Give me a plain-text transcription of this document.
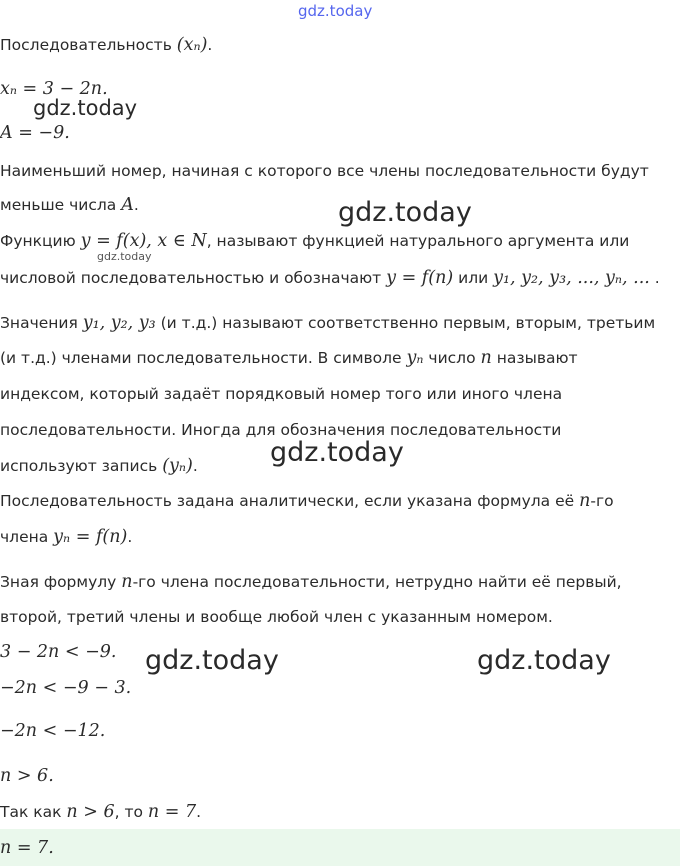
gdz.today
gdz.today
gdz.today
gdz.today
gdz.today
gdz.today	gdz.today
Последовательность (xₙ).
xₙ = 3 − 2n.
A = −9.
Наименьший номер, начиная с которого все члены последовательности будут
меньше числа A.
Функцию y = f(x), x ∈ N, называют функцией натурального аргумента или
числовой последовательностью и обозначают y = f(n) или y₁, y₂, y₃, ..., yₙ, ... .
Значения y₁, y₂, y₃ (и т.д.) называют соответственно первым, вторым, третьим
(и т.д.) членами последовательности. В символе yₙ число n называют
индексом, который задаёт порядковый номер того или иного члена
последовательности. Иногда для обозначения последовательности
используют запись (yₙ).
Последовательность задана аналитически, если указана формула её n-го
члена yₙ = f(n).
Зная формулу n-го члена последовательности, нетрудно найти её первый,
второй, третий члены и вообще любой член с указанным номером.
3 − 2n < −9.
−2n < −9 − 3.
−2n < −12.
n > 6.
Так как n > 6, то n = 7.
n = 7.
